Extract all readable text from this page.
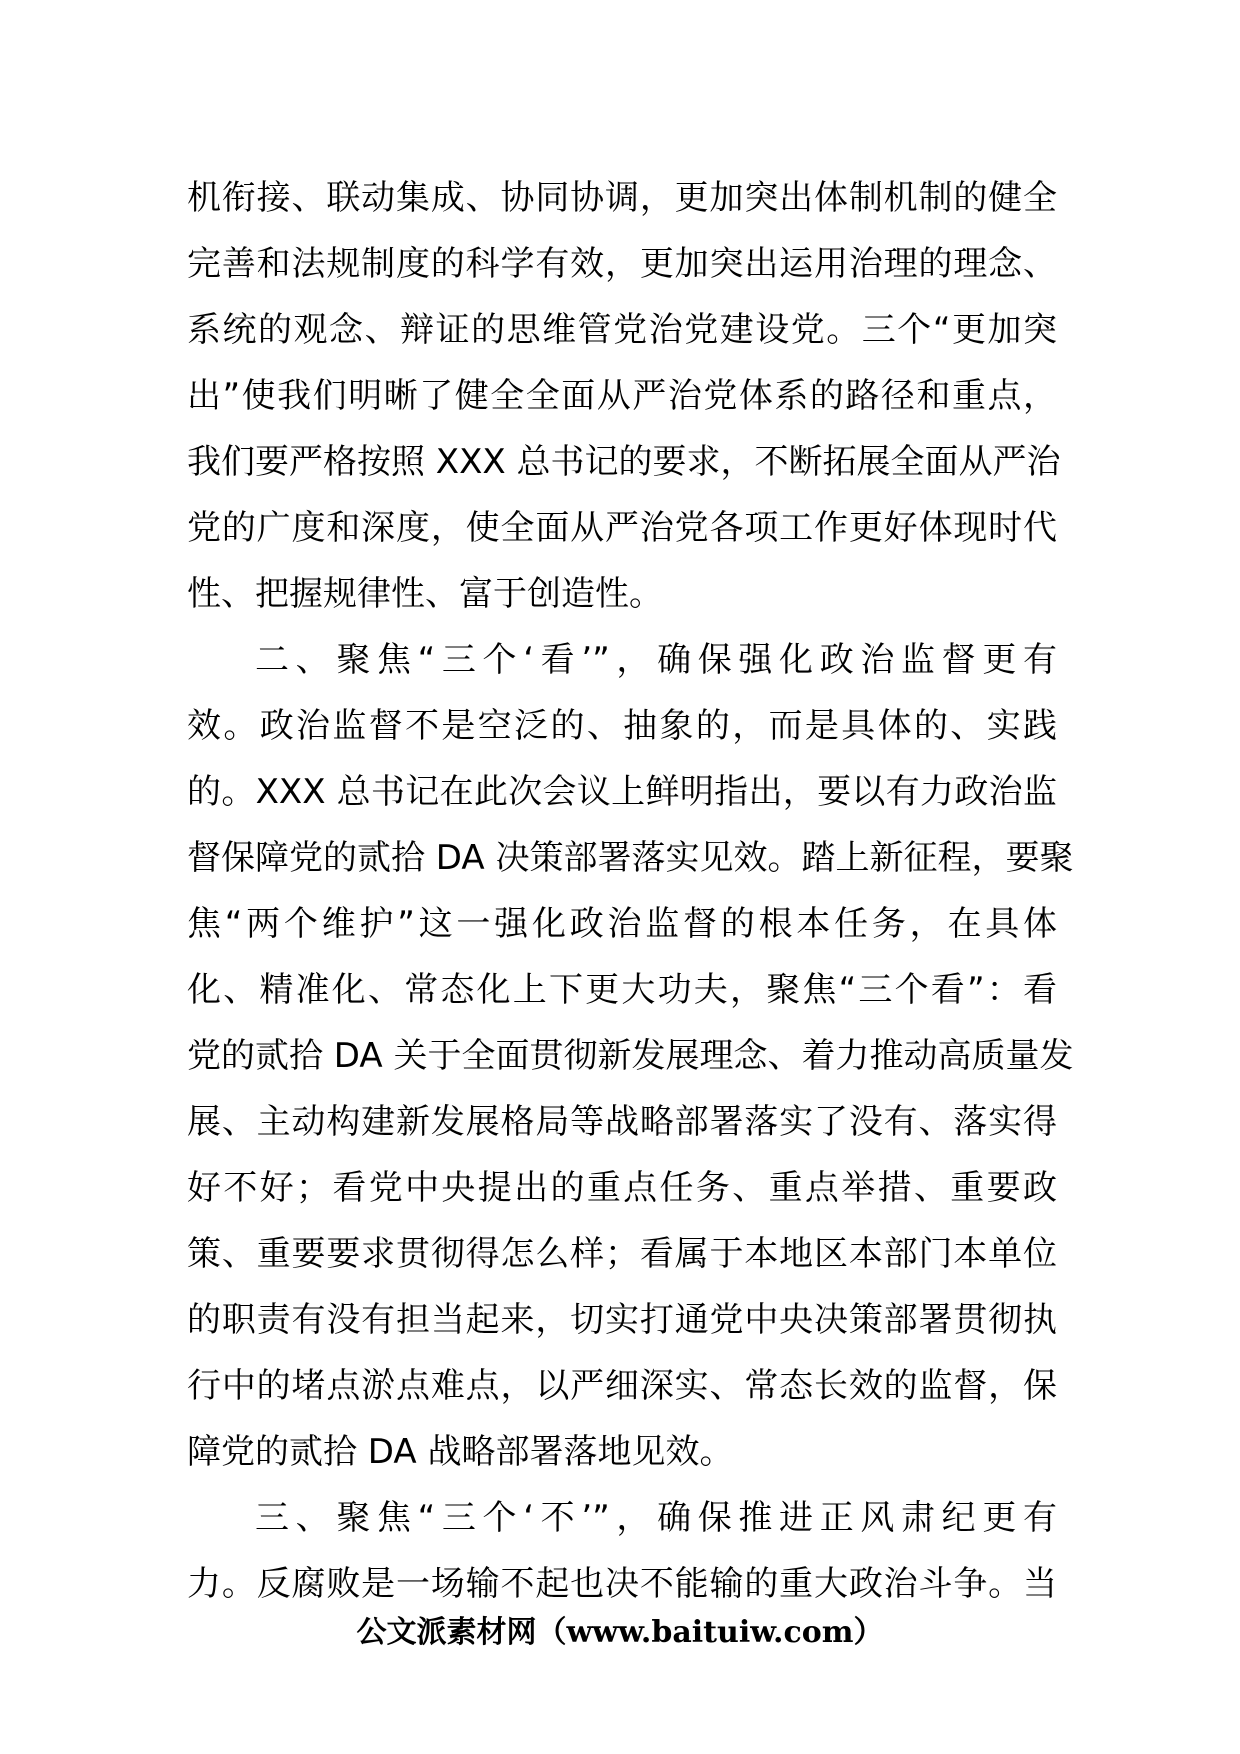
机衔接、联动集成、协同协调，更加突出体制机制的健全
完善和法规制度的科学有效，更加突出运用治理的理念、
系统的观念、辩证的思维管党治党建设党。三个“更加突
出”使我们明晰了健全全面从严治党体系的路径和重点，
我们要严格按照 XXX 总书记的要求，不断拓展全面从严治
党的广度和深度，使全面从严治党各项工作更好体现时代
性、把握规律性、富于创造性。
二、聚焦“三个‘看’”，确保强化政治监督更有
效。政治监督不是空泛的、抽象的，而是具体的、实践
的。XXX 总书记在此次会议上鲜明指出，要以有力政治监
督保障党的贰拾 DA 决策部署落实见效。踏上新征程，要聚
焦“两个维护”这一强化政治监督的根本任务，在具体
化、精准化、常态化上下更大功夫，聚焦“三个看”：看
党的贰拾 DA 关于全面贯彻新发展理念、着力推动高质量发
展、主动构建新发展格局等战略部署落实了没有、落实得
好不好；看党中央提出的重点任务、重点举措、重要政
策、重要要求贯彻得怎么样；看属于本地区本部门本单位
的职责有没有担当起来，切实打通党中央决策部署贯彻执
行中的堵点淤点难点，以严细深实、常态长效的监督，保
障党的贰拾 DA 战略部署落地见效。
三、聚焦“三个‘不’”，确保推进正风肃纪更有
力。反腐败是一场输不起也决不能输的重大政治斗争。当
公文派素材网（www.baituiw.com）
